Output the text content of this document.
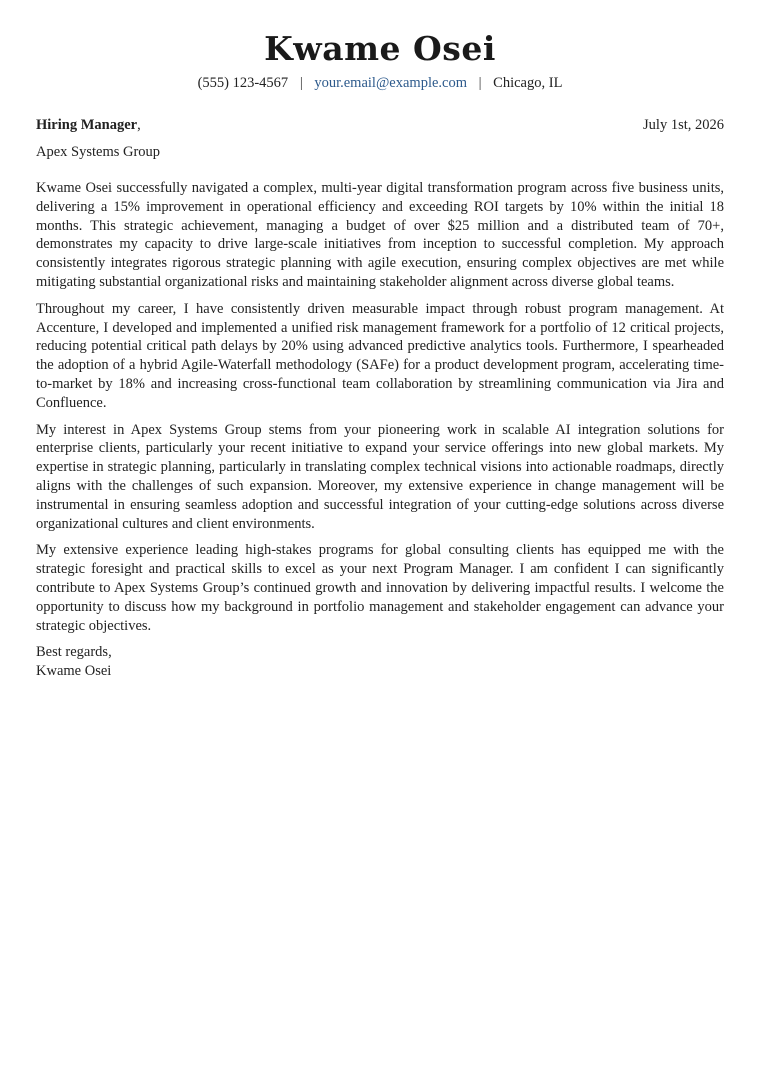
Kwame Osei
(555) 123-4567 | your.email@example.com | Chicago, IL
Hiring Manager,	July 1st, 2026
Apex Systems Group

Kwame Osei successfully navigated a complex, multi-year digital transformation program across five business units, delivering a 15% improvement in operational efficiency and exceeding ROI targets by 10% within the initial 18 months. This strategic achievement, managing a budget of over $25 million and a distributed team of 70+, demonstrates my capacity to drive large-scale initiatives from inception to successful completion. My approach consistently integrates rigorous strategic planning with agile execution, ensuring complex objectives are met while mitigating substantial organizational risks and maintaining stakeholder alignment across diverse global teams.

Throughout my career, I have consistently driven measurable impact through robust program management. At Accenture, I developed and implemented a unified risk management framework for a portfolio of 12 critical projects, reducing potential critical path delays by 20% using advanced predictive analytics tools. Furthermore, I spearheaded the adoption of a hybrid Agile-Waterfall methodology (SAFe) for a product development program, accelerating time-to-market by 18% and increasing cross-functional team collaboration by streamlining communication via Jira and Confluence.

My interest in Apex Systems Group stems from your pioneering work in scalable AI integration solutions for enterprise clients, particularly your recent initiative to expand your service offerings into new global markets. My expertise in strategic planning, particularly in translating complex technical visions into actionable roadmaps, directly aligns with the challenges of such expansion. Moreover, my extensive experience in change management will be instrumental in ensuring seamless adoption and successful integration of your cutting-edge solutions across diverse organizational cultures and client environments.

My extensive experience leading high-stakes programs for global consulting clients has equipped me with the strategic foresight and practical skills to excel as your next Program Manager. I am confident I can significantly contribute to Apex Systems Group’s continued growth and innovation by delivering impactful results. I welcome the opportunity to discuss how my background in portfolio management and stakeholder engagement can advance your strategic objectives.

Best regards,
Kwame Osei
